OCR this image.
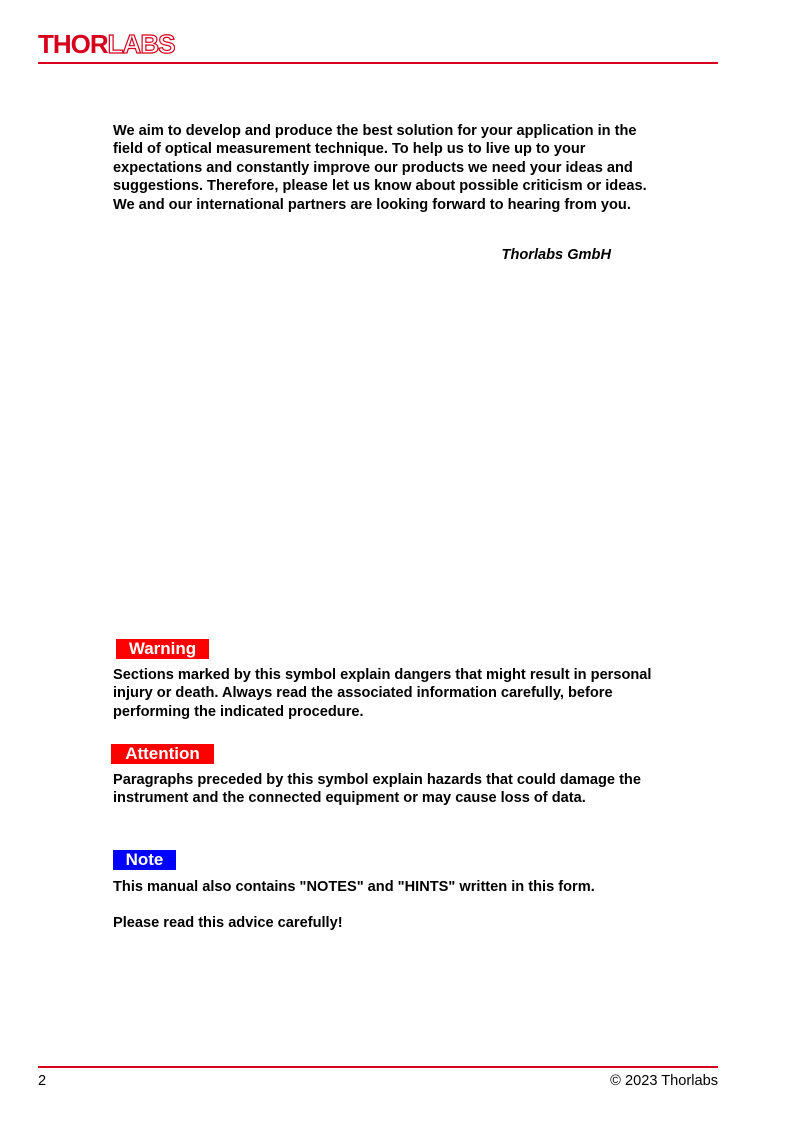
THORLABS

We aim to develop and produce the best solution for your application in the field of optical measurement technique. To help us to live up to your expectations and constantly improve our products we need your ideas and suggestions. Therefore, please let us know about possible criticism or ideas. We and our international partners are looking forward to hearing from you.

Thorlabs GmbH
Warning

Sections marked by this symbol explain dangers that might result in personal injury or death. Always read the associated information carefully, before performing the indicated procedure.

Attention

Paragraphs preceded by this symbol explain hazards that could damage the instrument and the connected equipment or may cause loss of data.

Note

This manual also contains "NOTES" and "HINTS" written in this form.

Please read this advice carefully!

2	© 2023 Thorlabs
